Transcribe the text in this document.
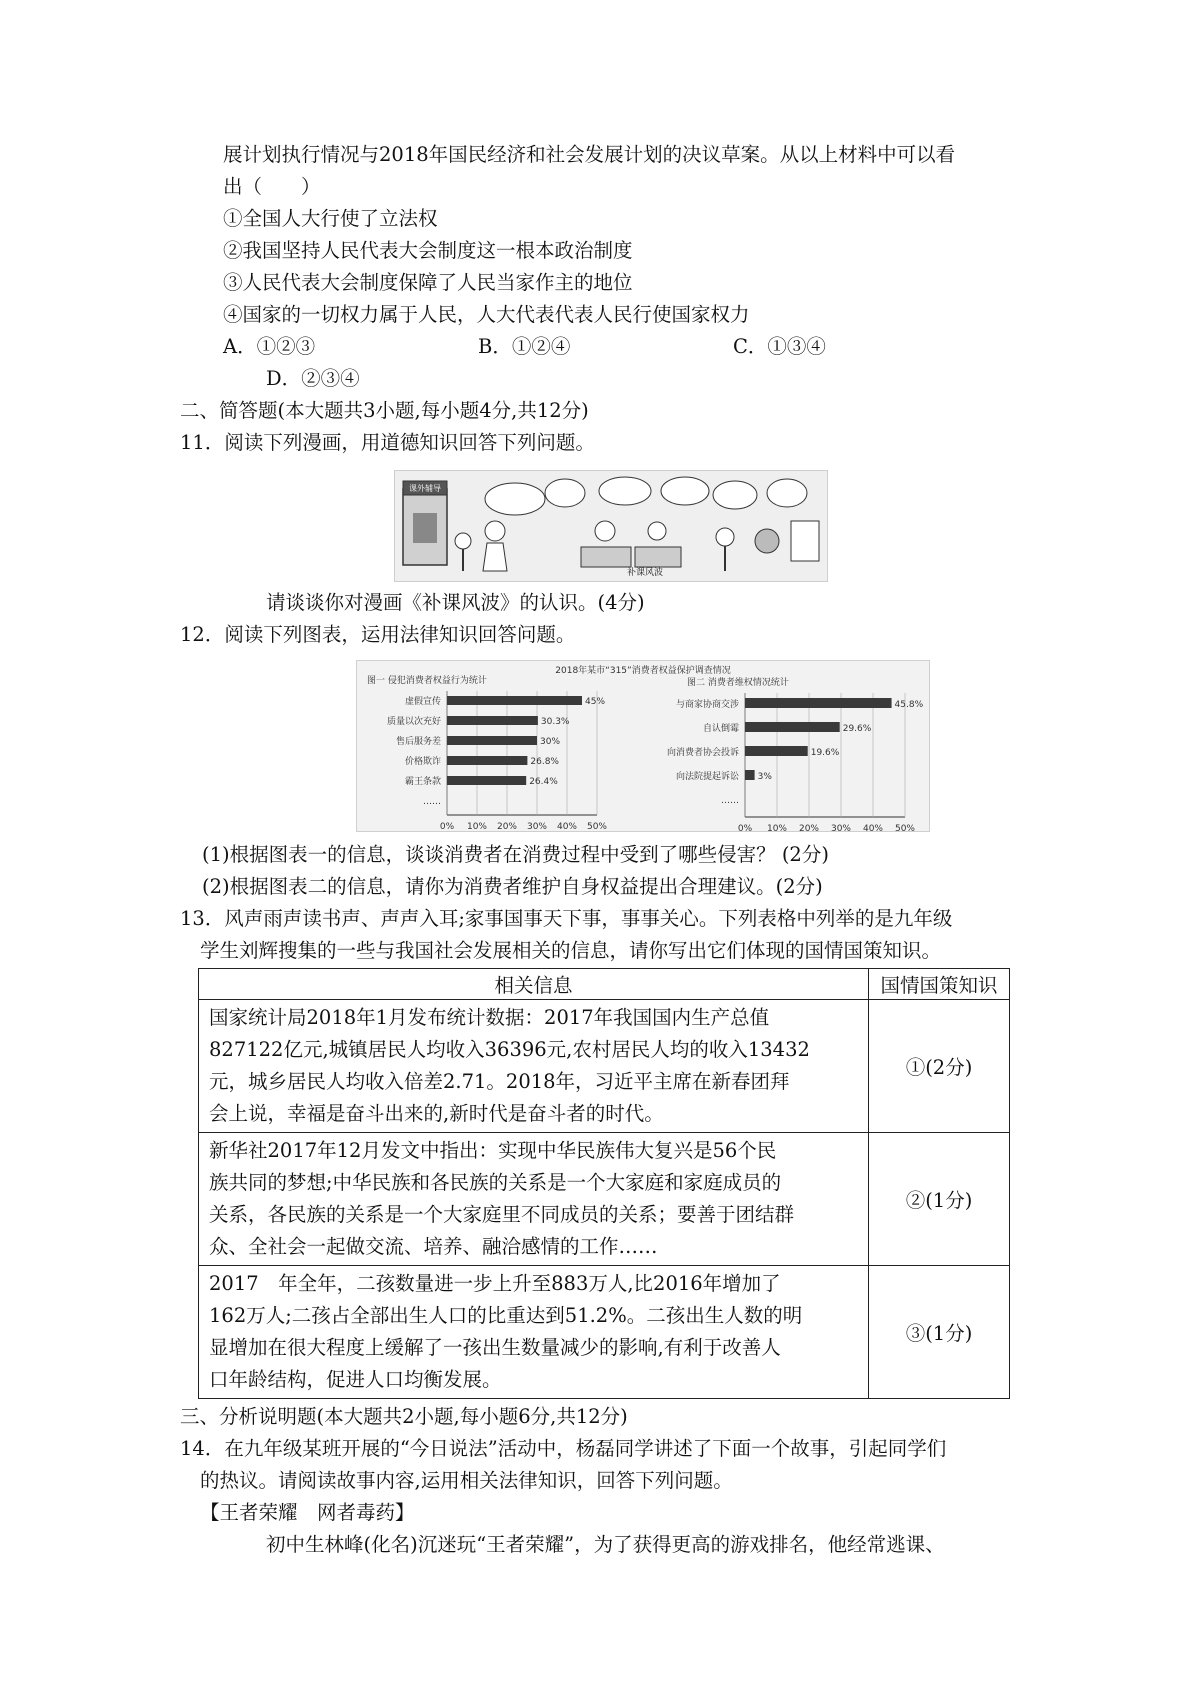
展计划执行情况与2018年国民经济和社会发展计划的决议草案。从以上材料中可以看
出（　　）
①全国人大行使了立法权
②我国坚持人民代表大会制度这一根本政治制度
③人民代表大会制度保障了人民当家作主的地位
④国家的一切权力属于人民，人大代表代表人民行使国家权力
A．①②③	B．①②④	C．①③④
D．②③④
二、简答题(本大题共3小题,每小题4分,共12分)
11．阅读下列漫画，用道德知识回答下列问题。
课外辅导
补课风波
请谈谈你对漫画《补课风波》的认识。(4分)
12．阅读下列图表，运用法律知识回答问题。
2018年某市“315”消费者权益保护调查情况
图一 侵犯消费者权益行为统计
0% 10% 20% 30% 40% 50%
虚假宣传	45%
质量以次充好	30.3%
售后服务差	30%
价格欺诈	26.8%
霸王条款	26.4%
……
图二 消费者维权情况统计
0% 10% 20% 30% 40% 50%
与商家协商交涉	45.8%
自认倒霉	29.6%
向消费者协会投诉	19.6%
向法院提起诉讼 3%
……
(1)根据图表一的信息，谈谈消费者在消费过程中受到了哪些侵害？ (2分)
(2)根据图表二的信息，请你为消费者维护自身权益提出合理建议。(2分)
13．风声雨声读书声、声声入耳;家事国事天下事，事事关心。下列表格中列举的是九年级
学生刘辉搜集的一些与我国社会发展相关的信息，请你写出它们体现的国情国策知识。
相关信息	国情国策知识

国家统计局2018年1月发布统计数据：2017年我国国内生产总值
827122亿元,城镇居民人均收入36396元,农村居民人均的收入13432
元，城乡居民人均收入倍差2.71。2018年，习近平主席在新春团拜
会上说，幸福是奋斗出来的,新时代是奋斗者的时代。	①(2分)

新华社2017年12月发文中指出：实现中华民族伟大复兴是56个民
族共同的梦想;中华民族和各民族的关系是一个大家庭和家庭成员的
关系，各民族的关系是一个大家庭里不同成员的关系；要善于团结群
众、全社会一起做交流、培养、融洽感情的工作……	②(1分)

2017　年全年，二孩数量进一步上升至883万人,比2016年增加了
162万人;二孩占全部出生人口的比重达到51.2%。二孩出生人数的明
显增加在很大程度上缓解了一孩出生数量减少的影响,有利于改善人
口年龄结构，促进人口均衡发展。	③(1分)
三、分析说明题(本大题共2小题,每小题6分,共12分)
14．在九年级某班开展的“今日说法”活动中，杨磊同学讲述了下面一个故事，引起同学们
的热议。请阅读故事内容,运用相关法律知识，回答下列问题。
【王者荣耀　网者毒药】
初中生林峰(化名)沉迷玩“王者荣耀”，为了获得更高的游戏排名，他经常逃课、
